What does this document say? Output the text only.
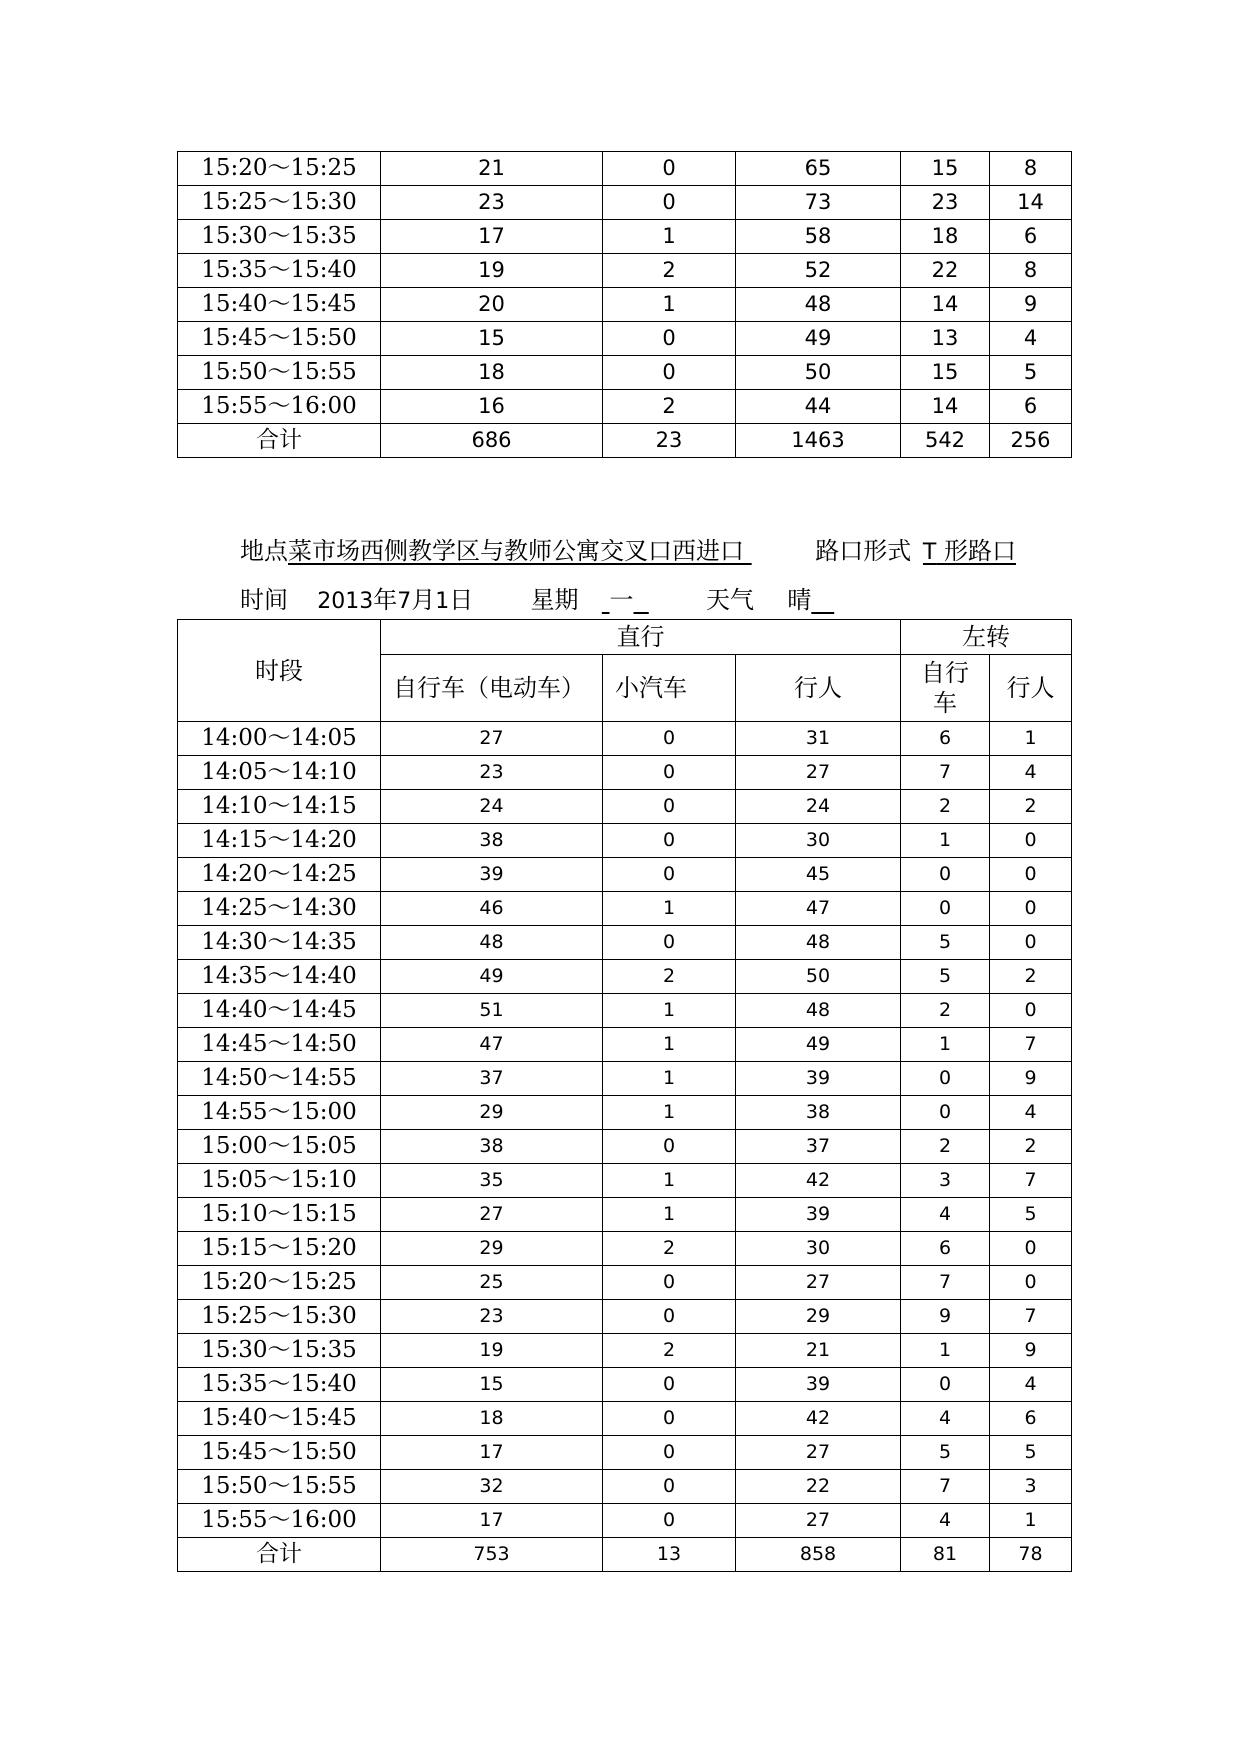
15:20～15:25	21	0	65	15	8
15:25～15:30	23	0	73	23	14
15:30～15:35	17	1	58	18	6
15:35～15:40	19	2	52	22	8
15:40～15:45	20	1	48	14	9
15:45～15:50	15	0	49	13	4
15:50～15:55	18	0	50	15	5
15:55～16:00	16	2	44	14	6
合计	686	23	1463	542	256
地点菜市场西侧教学区与教师公寓交叉口西进口	路口形式 T 形路口
时间 2013年7月1日 星期 一	天气 晴
时段	直行			左转	
	自行车（电动车）	小汽车	行人	自行车	行人
14:00～14:05	27	0	31	6	1
14:05～14:10	23	0	27	7	4
14:10～14:15	24	0	24	2	2
14:15～14:20	38	0	30	1	0
14:20～14:25	39	0	45	0	0
14:25～14:30	46	1	47	0	0
14:30～14:35	48	0	48	5	0
14:35～14:40	49	2	50	5	2
14:40～14:45	51	1	48	2	0
14:45～14:50	47	1	49	1	7
14:50～14:55	37	1	39	0	9
14:55～15:00	29	1	38	0	4
15:00～15:05	38	0	37	2	2
15:05～15:10	35	1	42	3	7
15:10～15:15	27	1	39	4	5
15:15～15:20	29	2	30	6	0
15:20～15:25	25	0	27	7	0
15:25～15:30	23	0	29	9	7
15:30～15:35	19	2	21	1	9
15:35～15:40	15	0	39	0	4
15:40～15:45	18	0	42	4	6
15:45～15:50	17	0	27	5	5
15:50～15:55	32	0	22	7	3
15:55～16:00	17	0	27	4	1
合计	753	13	858	81	78
